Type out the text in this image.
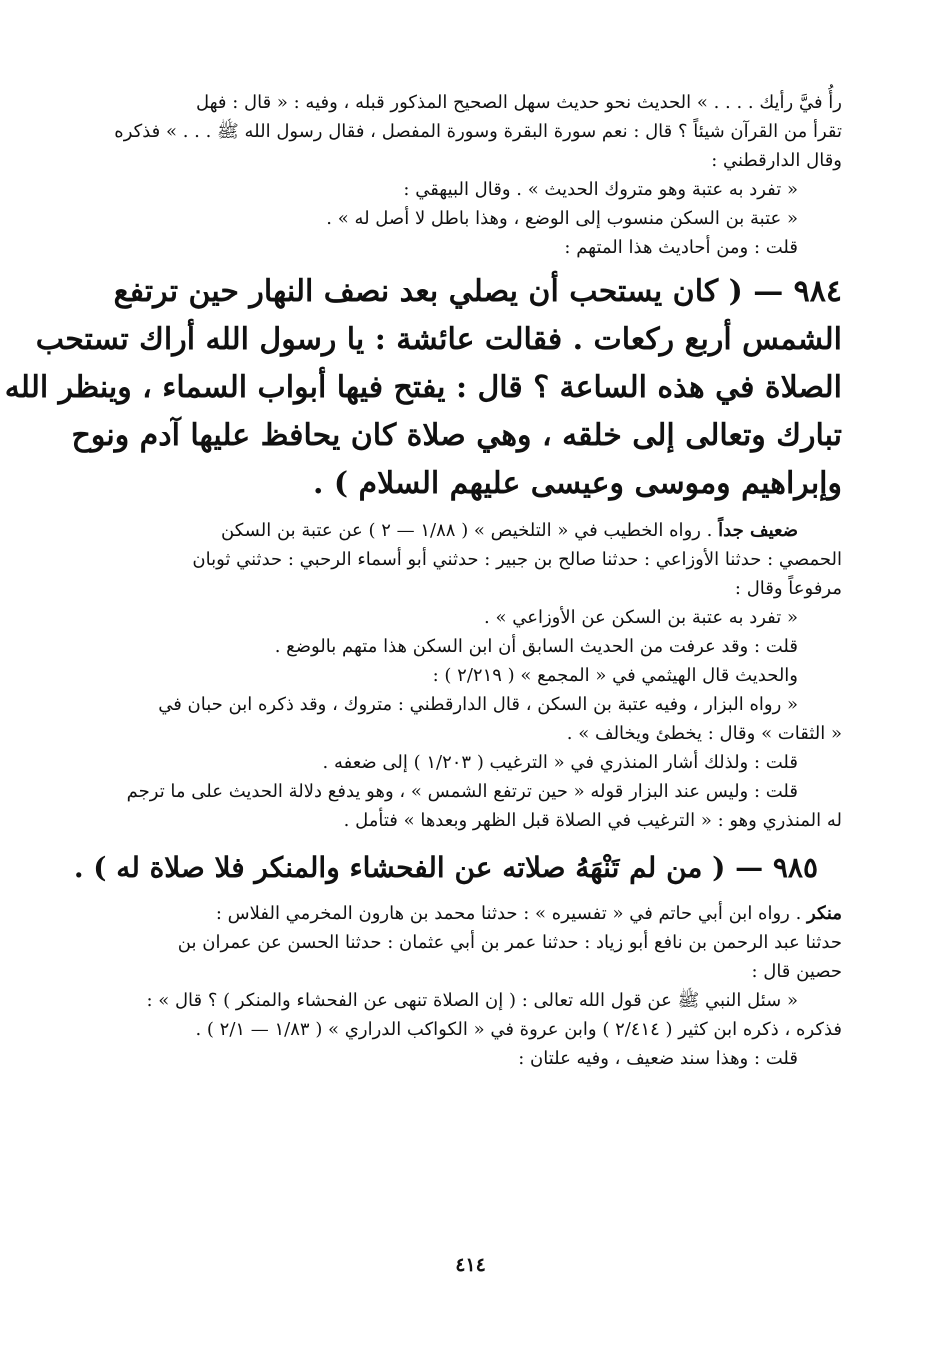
رأُ فيَّ رأيك . . . . » الحديث نحو حديث سهل الصحيح المذكور قبله ، وفيه : « قال : فهل
تقرأ من القرآن شيئاً ؟ قال : نعم سورة البقرة وسورة المفصل ، فقال رسول الله ﷺ . . . » فذكره
وقال الدارقطني :
« تفرد به عتبة وهو متروك الحديث » . وقال البيهقي :
« عتبة بن السكن منسوب إلى الوضع ، وهذا باطل لا أصل له » .
قلت : ومن أحاديث هذا المتهم :
٩٨٤ — ( كان يستحب أن يصلي بعد نصف النهار حين ترتفع
الشمس أربع ركعات . فقالت عائشة : يا رسول الله أراك تستحب
الصلاة في هذه الساعة ؟ قال : يفتح فيها أبواب السماء ، وينظر الله
تبارك وتعالى إلى خلقه ، وهي صلاة كان يحافظ عليها آدم ونوح
وإبراهيم وموسى وعيسى عليهم السلام ) .
ضعيف جداً . رواه الخطيب في « التلخيص » ( ١/٨٨ — ٢ ) عن عتبة بن السكن
الحمصي : حدثنا الأوزاعي : حدثنا صالح بن جبير : حدثني أبو أسماء الرحبي : حدثني ثوبان
مرفوعاً وقال :
« تفرد به عتبة بن السكن عن الأوزاعي » .
قلت : وقد عرفت من الحديث السابق أن ابن السكن هذا متهم بالوضع .
والحديث قال الهيثمي في « المجمع » ( ٢/٢١٩ ) :
« رواه البزار ، وفيه عتبة بن السكن ، قال الدارقطني : متروك ، وقد ذكره ابن حبان في
« الثقات » وقال : يخطئ ويخالف » .
قلت : ولذلك أشار المنذري في « الترغيب ( ١/٢٠٣ ) إلى ضعفه .
قلت : وليس عند البزار قوله « حين ترتفع الشمس » ، وهو يدفع دلالة الحديث على ما ترجم
له المنذري وهو : « الترغيب في الصلاة قبل الظهر وبعدها » فتأمل .
٩٨٥ — ( من لم تَنْهَهُ صلاته عن الفحشاء والمنكر فلا صلاة له ) .
منكر . رواه ابن أبي حاتم في « تفسيره » : حدثنا محمد بن هارون المخرمي الفلاس :
حدثنا عبد الرحمن بن نافع أبو زياد : حدثنا عمر بن أبي عثمان : حدثنا الحسن عن عمران بن
حصين قال :
« سئل النبي ﷺ عن قول الله تعالى : ( إن الصلاة تنهى عن الفحشاء والمنكر ) ؟ قال » :
فذكره ، ذكره ابن كثير ( ٢/٤١٤ ) وابن عروة في « الكواكب الدراري » ( ١/٨٣ — ٢/١ ) .
قلت : وهذا سند ضعيف ، وفيه علتان :
٤١٤
